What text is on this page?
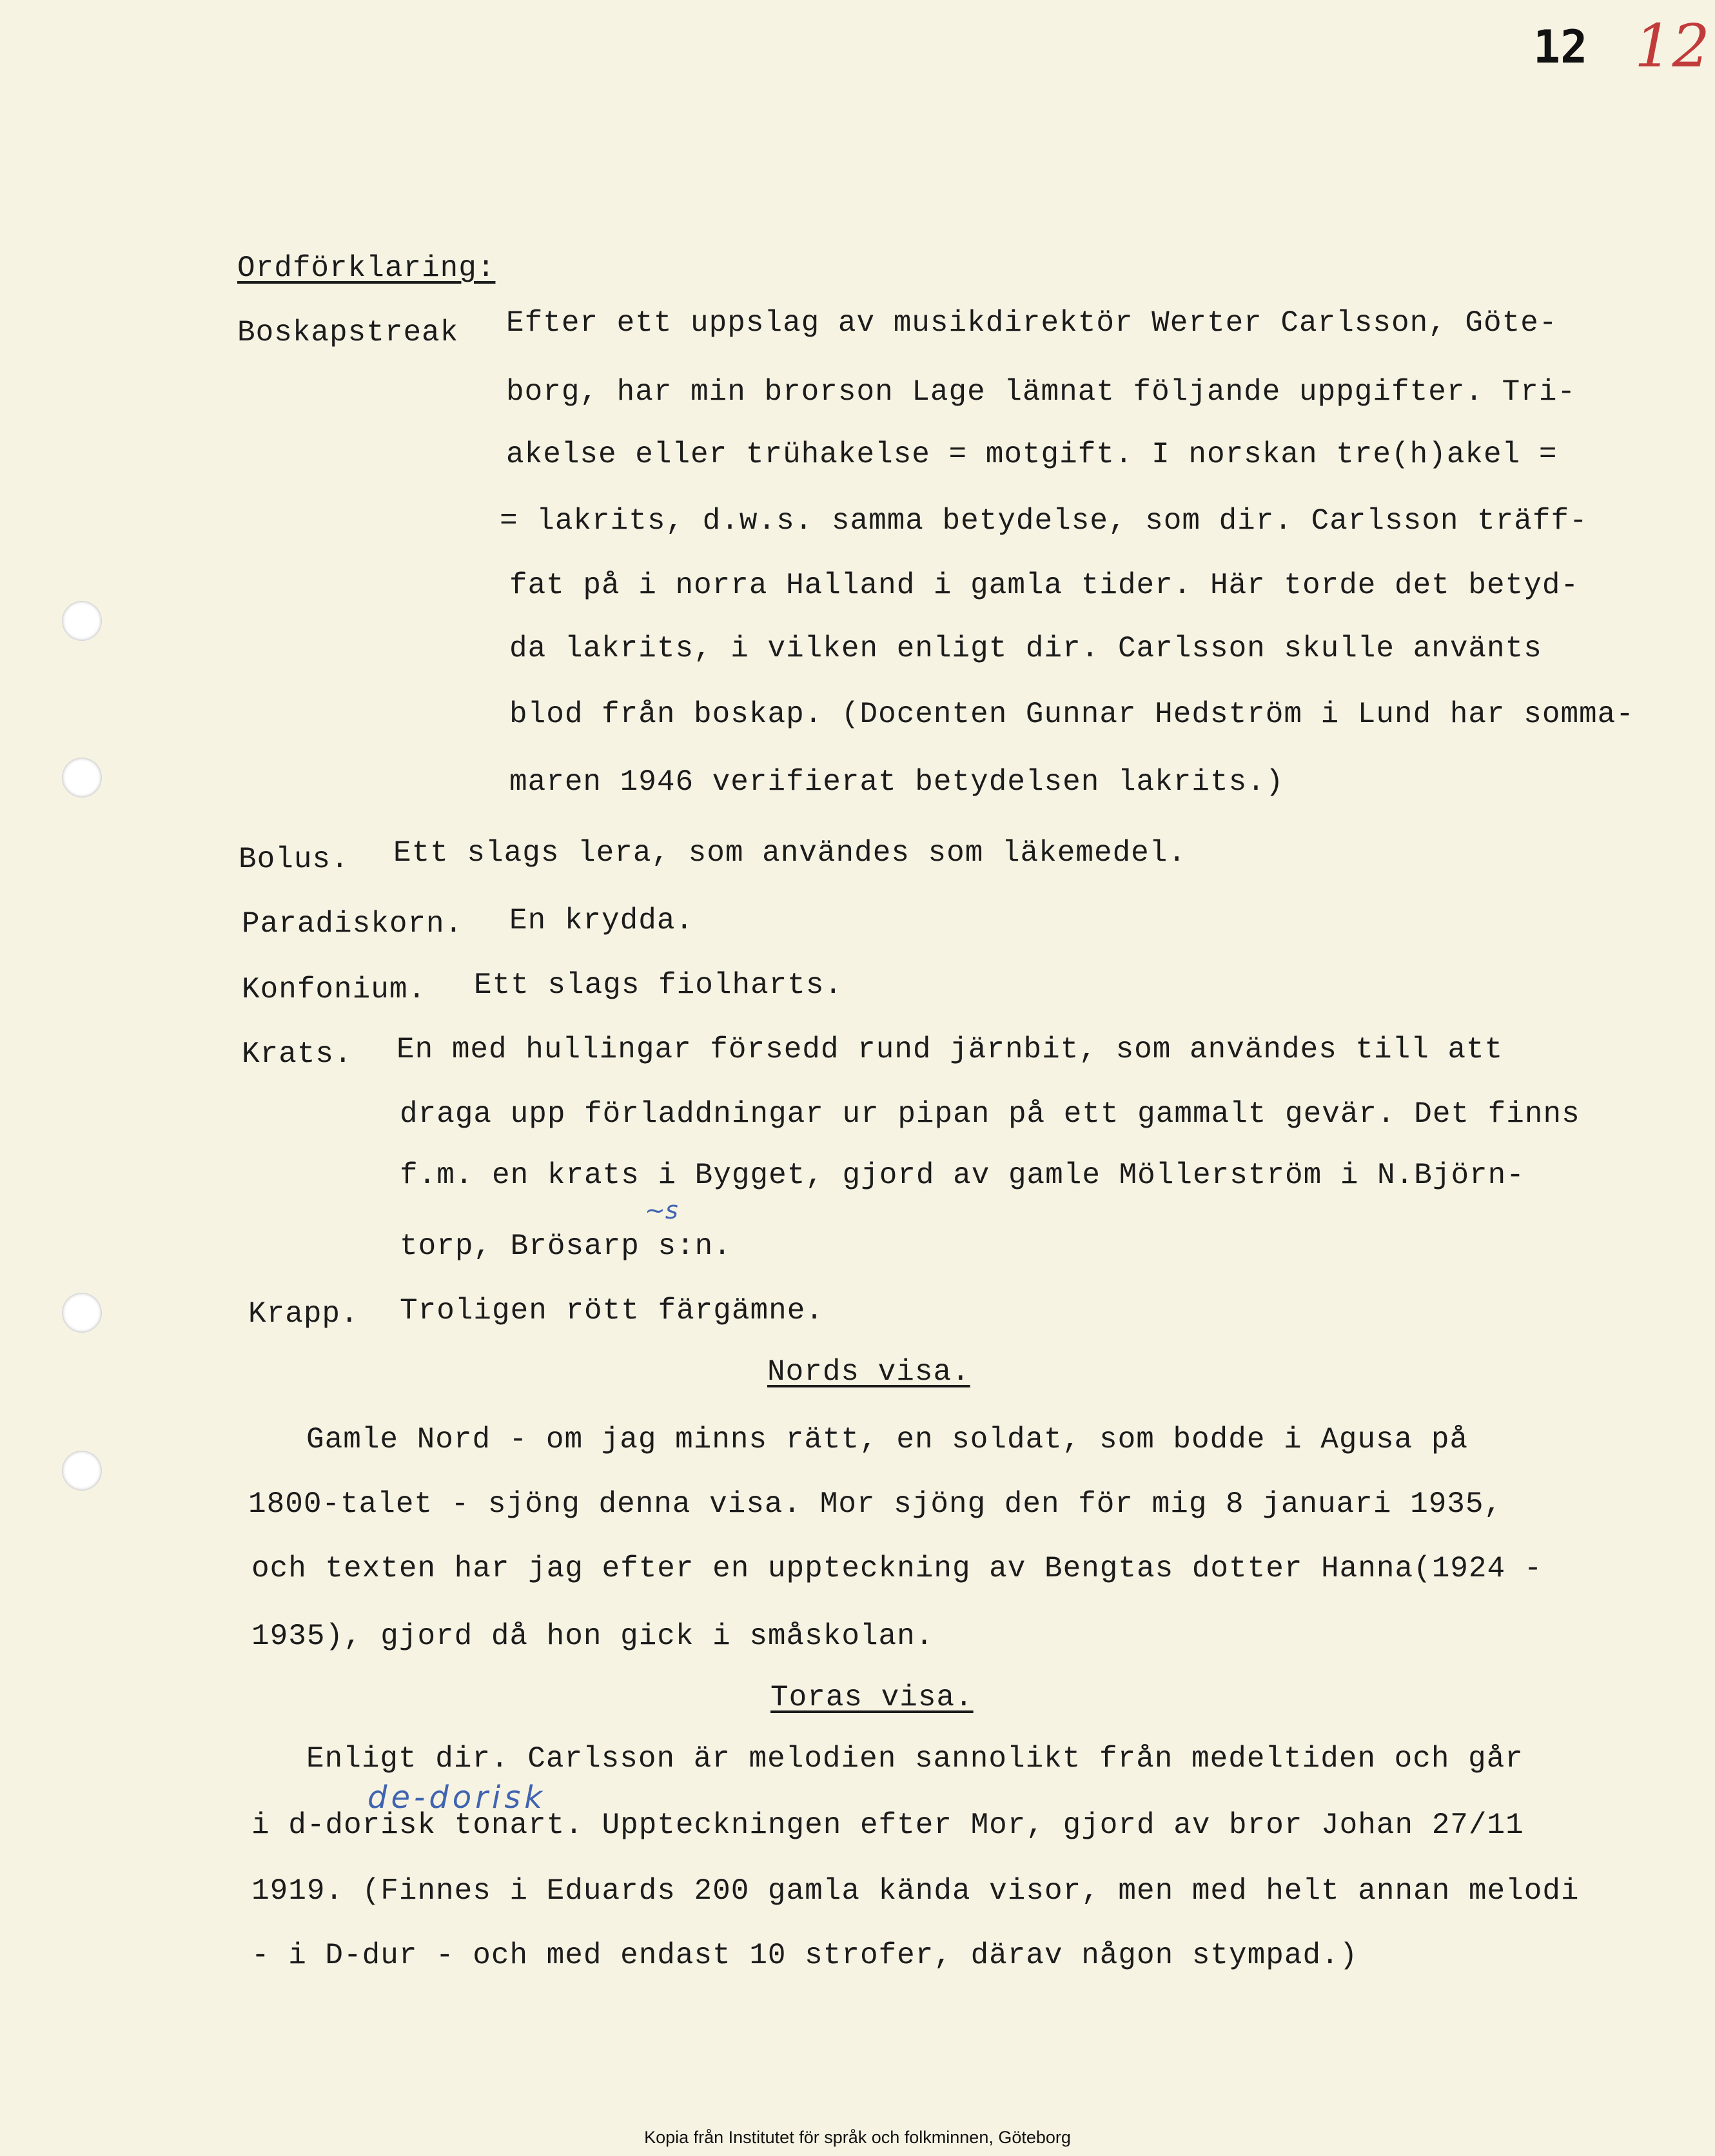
12 12
Ordförklaring:
Boskapstreak Efter ett uppslag av musikdirektör Werter Carlsson, Göte-
borg, har min brorson Lage lämnat följande uppgifter. Tri-
akelse eller trühakelse = motgift. I norskan tre(h)akel =
= lakrits, d.w.s. samma betydelse, som dir. Carlsson träff-
fat på i norra Halland i gamla tider. Här torde det betyd-
da lakrits, i vilken enligt dir. Carlsson skulle använts
blod från boskap. (Docenten Gunnar Hedström i Lund har somma-
maren 1946 verifierat betydelsen lakrits.)
Bolus. Ett slags lera, som användes som läkemedel.
Paradiskorn. En krydda.
Konfonium. Ett slags fiolharts.
Krats. En med hullingar försedd rund järnbit, som användes till att
draga upp förladdningar ur pipan på ett gammalt gevär. Det finns
f.m. en krats i Bygget, gjord av gamle Möllerström i N.Björn-
~s
torp, Brösarp s:n.
Krapp. Troligen rött färgämne.
Nords visa.
Gamle Nord - om jag minns rätt, en soldat, som bodde i Agusa på
1800-talet - sjöng denna visa. Mor sjöng den för mig 8 januari 1935,
och texten har jag efter en uppteckning av Bengtas dotter Hanna(1924 -
1935), gjord då hon gick i småskolan.
Toras visa.
Enligt dir. Carlsson är melodien sannolikt från medeltiden och går
de-dorisk
i d-dorisk tonart. Uppteckningen efter Mor, gjord av bror Johan 27/11
1919. (Finnes i Eduards 200 gamla kända visor, men med helt annan melodi
- i D-dur - och med endast 10 strofer, därav någon stympad.)
Kopia från Institutet för språk och folkminnen, Göteborg
